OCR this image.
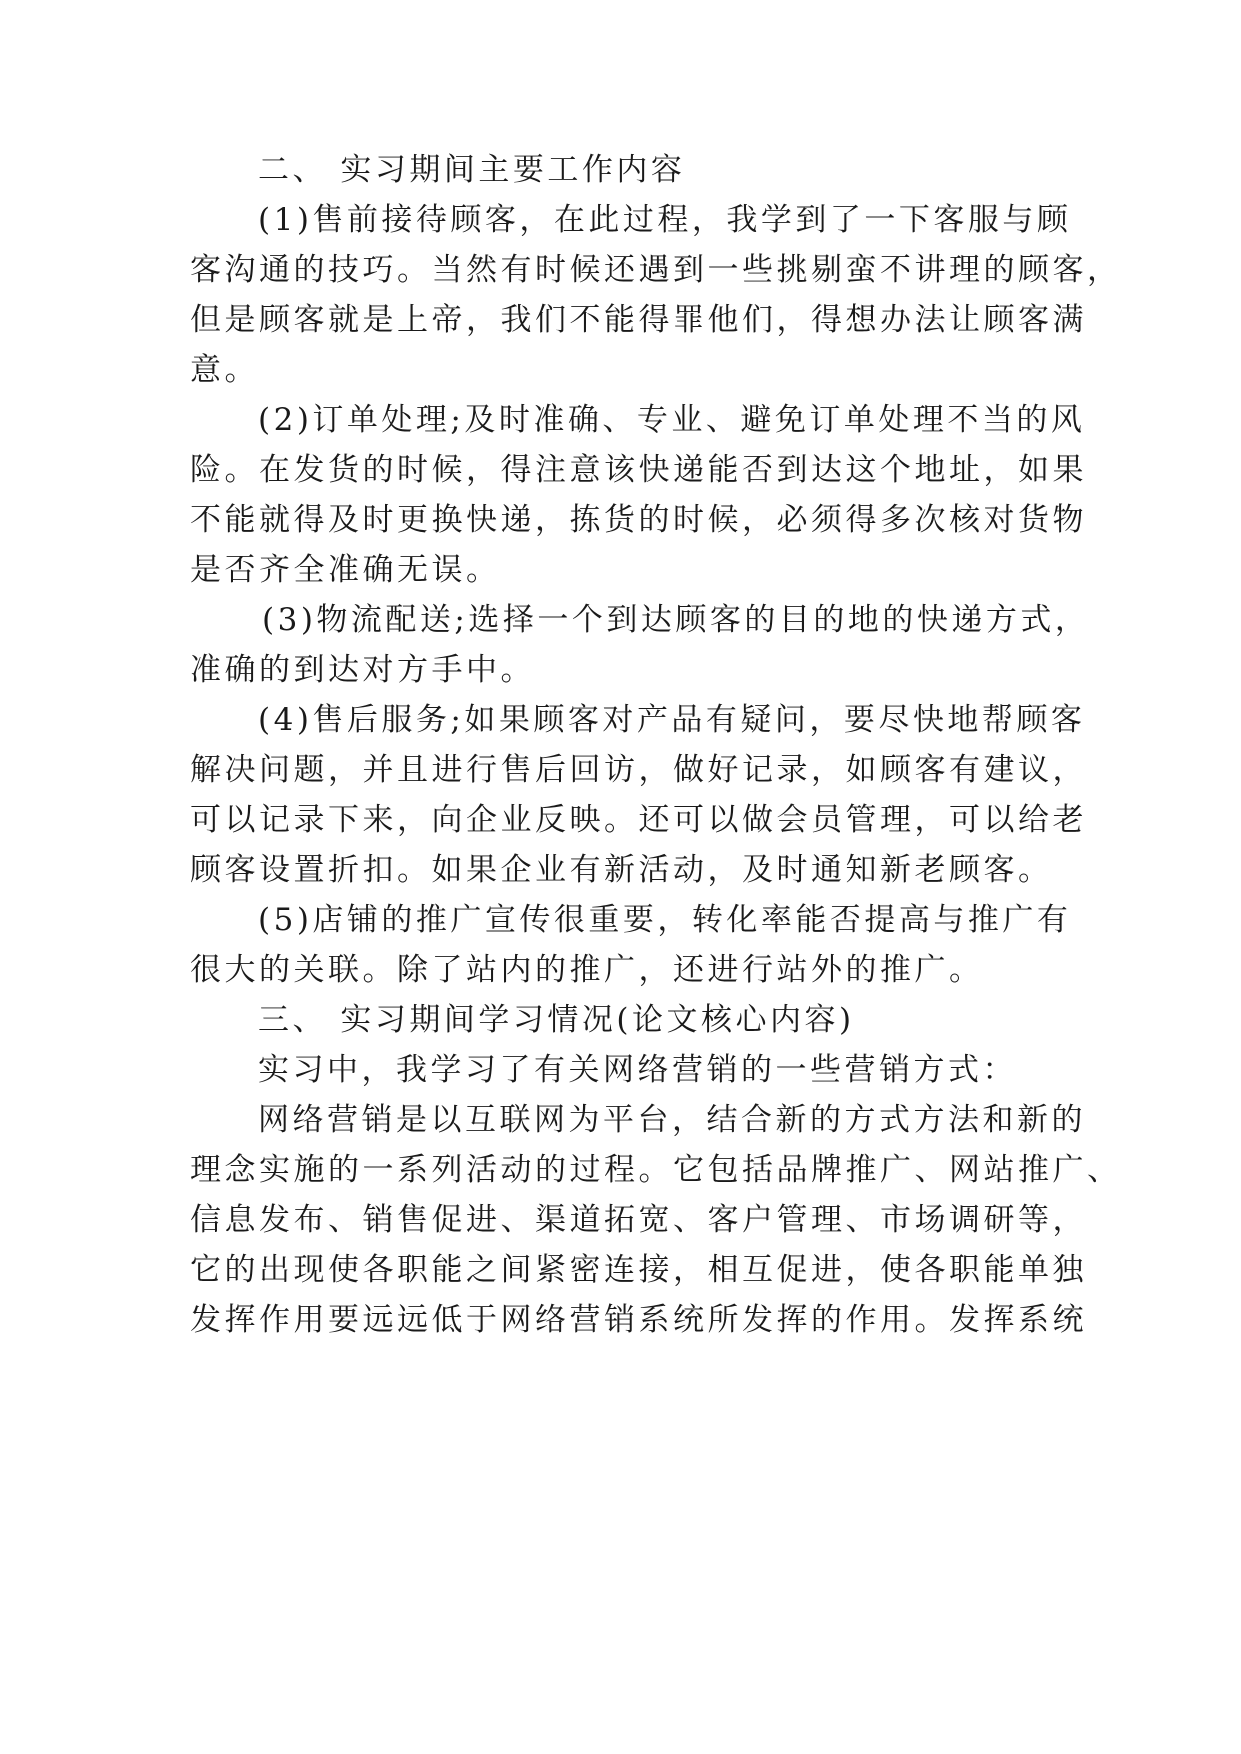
二、 实习期间主要工作内容
(1)售前接待顾客，在此过程，我学到了一下客服与顾
客沟通的技巧。当然有时候还遇到一些挑剔蛮不讲理的顾客，
但是顾客就是上帝，我们不能得罪他们，得想办法让顾客满
意。
(2)订单处理;及时准确、专业、避免订单处理不当的风
险。在发货的时候，得注意该快递能否到达这个地址，如果
不能就得及时更换快递，拣货的时候，必须得多次核对货物
是否齐全准确无误。
(3)物流配送;选择一个到达顾客的目的地的快递方式，
准确的到达对方手中。
(4)售后服务;如果顾客对产品有疑问，要尽快地帮顾客
解决问题，并且进行售后回访，做好记录，如顾客有建议，
可以记录下来，向企业反映。还可以做会员管理，可以给老
顾客设置折扣。如果企业有新活动，及时通知新老顾客。
(5)店铺的推广宣传很重要，转化率能否提高与推广有
很大的关联。除了站内的推广，还进行站外的推广。
三、 实习期间学习情况(论文核心内容)
实习中，我学习了有关网络营销的一些营销方式：
网络营销是以互联网为平台，结合新的方式方法和新的
理念实施的一系列活动的过程。它包括品牌推广、网站推广、
信息发布、销售促进、渠道拓宽、客户管理、市场调研等，
它的出现使各职能之间紧密连接，相互促进，使各职能单独
发挥作用要远远低于网络营销系统所发挥的作用。发挥系统
